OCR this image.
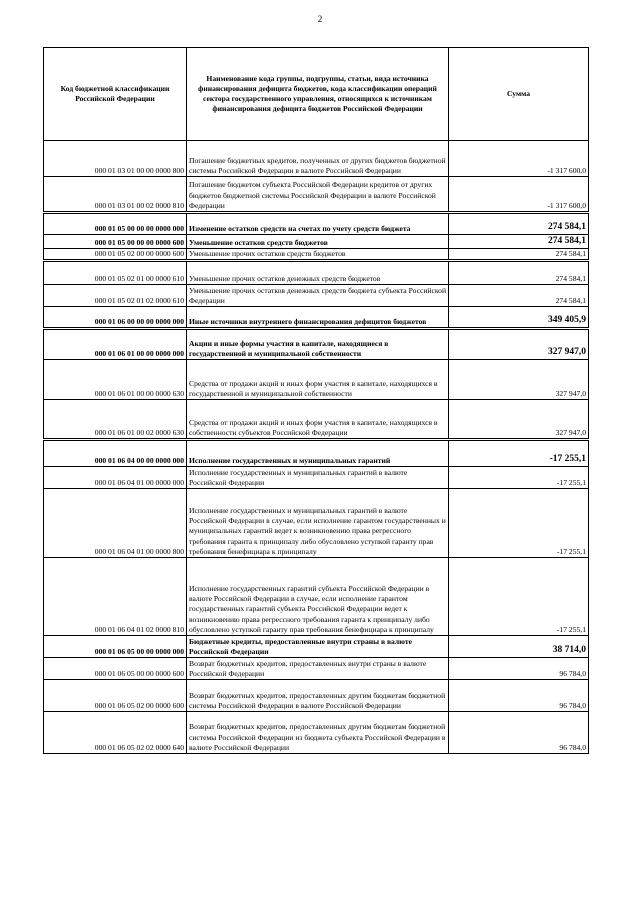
2
Код бюджетной классификации Российской Федерации	Наименование кода группы, подгруппы, статьи, вида источника финансирования дефицита бюджетов, кода классификации операций сектора государственного управления, относящихся к источникам финансирования дефицита бюджетов Российской Федерации	Сумма
000 01 03 01 00 00 0000 800	Погашение бюджетных кредитов, полученных от других бюджетов бюджетной системы Российской Федерации в валюте Российской Федерации	-1 317 600,0
000 01 03 01 00 02 0000 810	Погашение бюджетом субъекта Российской Федерации кредитов от других бюджетов бюджетной системы Российской Федерации в валюте Российской Федерации	-1 317 600,0
000 01 05 00 00 00 0000 000	Изменение остатков средств на счетах по учету средств бюджета	274 584,1
000 01 05 00 00 00 0000 600	Уменьшение остатков средств бюджетов	274 584,1
000 01 05 02 00 00 0000 600	Уменьшение прочих остатков средств бюджетов	274 584,1
000 01 05 02 01 00 0000 610	Уменьшение прочих остатков денежных средств бюджетов	274 584,1
000 01 05 02 01 02 0000 610	Уменьшение прочих остатков денежных средств бюджета субъекта Российской Федерации	274 584,1
000 01 06 00 00 00 0000 000	Иные источники внутреннего финансирования дефицитов бюджетов	349 405,9
000 01 06 01 00 00 0000 000	Акции и иные формы участия в капитале, находящиеся в государственной и муниципальной собственности	327 947,0
000 01 06 01 00 00 0000 630	Средства от продажи акций и иных форм участия в капитале, находящихся в государственной и муниципальной собственности	327 947,0
000 01 06 01 00 02 0000 630	Средства от продажи акций и иных форм участия в капитале, находящихся в собственности субъектов Российской Федерации	327 947,0
000 01 06 04 00 00 0000 000	Исполнение государственных и муниципальных гарантий	-17 255,1
000 01 06 04 01 00 0000 000	Исполнение государственных и муниципальных гарантий в валюте Российской Федерации	-17 255,1
000 01 06 04 01 00 0000 800	Исполнение государственных и муниципальных гарантий в валюте Российской Федерации в случае, если исполнение гарантом государственных и муниципальных гарантий ведет к возникновению права регрессного требования гаранта к принципалу либо обусловлено уступкой гаранту прав требования бенефициара к принципалу	-17 255,1
000 01 06 04 01 02 0000 810	Исполнение государственных гарантий субъекта Российской Федерации в валюте Российской Федерации в случае, если исполнение гарантом государственных гарантий субъекта Российской Федерации ведет к возникновению права регрессного требования гаранта к принципалу либо обусловлено уступкой гаранту прав требования бенефициара к принципалу	-17 255,1
000 01 06 05 00 00 0000 000	Бюджетные кредиты, предоставленные внутри страны в валюте Российской Федерации	38 714,0
000 01 06 05 00 00 0000 600	Возврат бюджетных кредитов, предоставленных внутри страны в валюте Российской Федерации	96 784,0
000 01 06 05 02 00 0000 600	Возврат бюджетных кредитов, предоставленных другим бюджетам бюджетной системы Российской Федерации в валюте Российской Федерации	96 784,0
000 01 06 05 02 02 0000 640	Возврат бюджетных кредитов, предоставленных другим бюджетам бюджетной системы Российской Федерации из бюджета субъекта Российской Федерации в валюте Российской Федерации	96 784,0
